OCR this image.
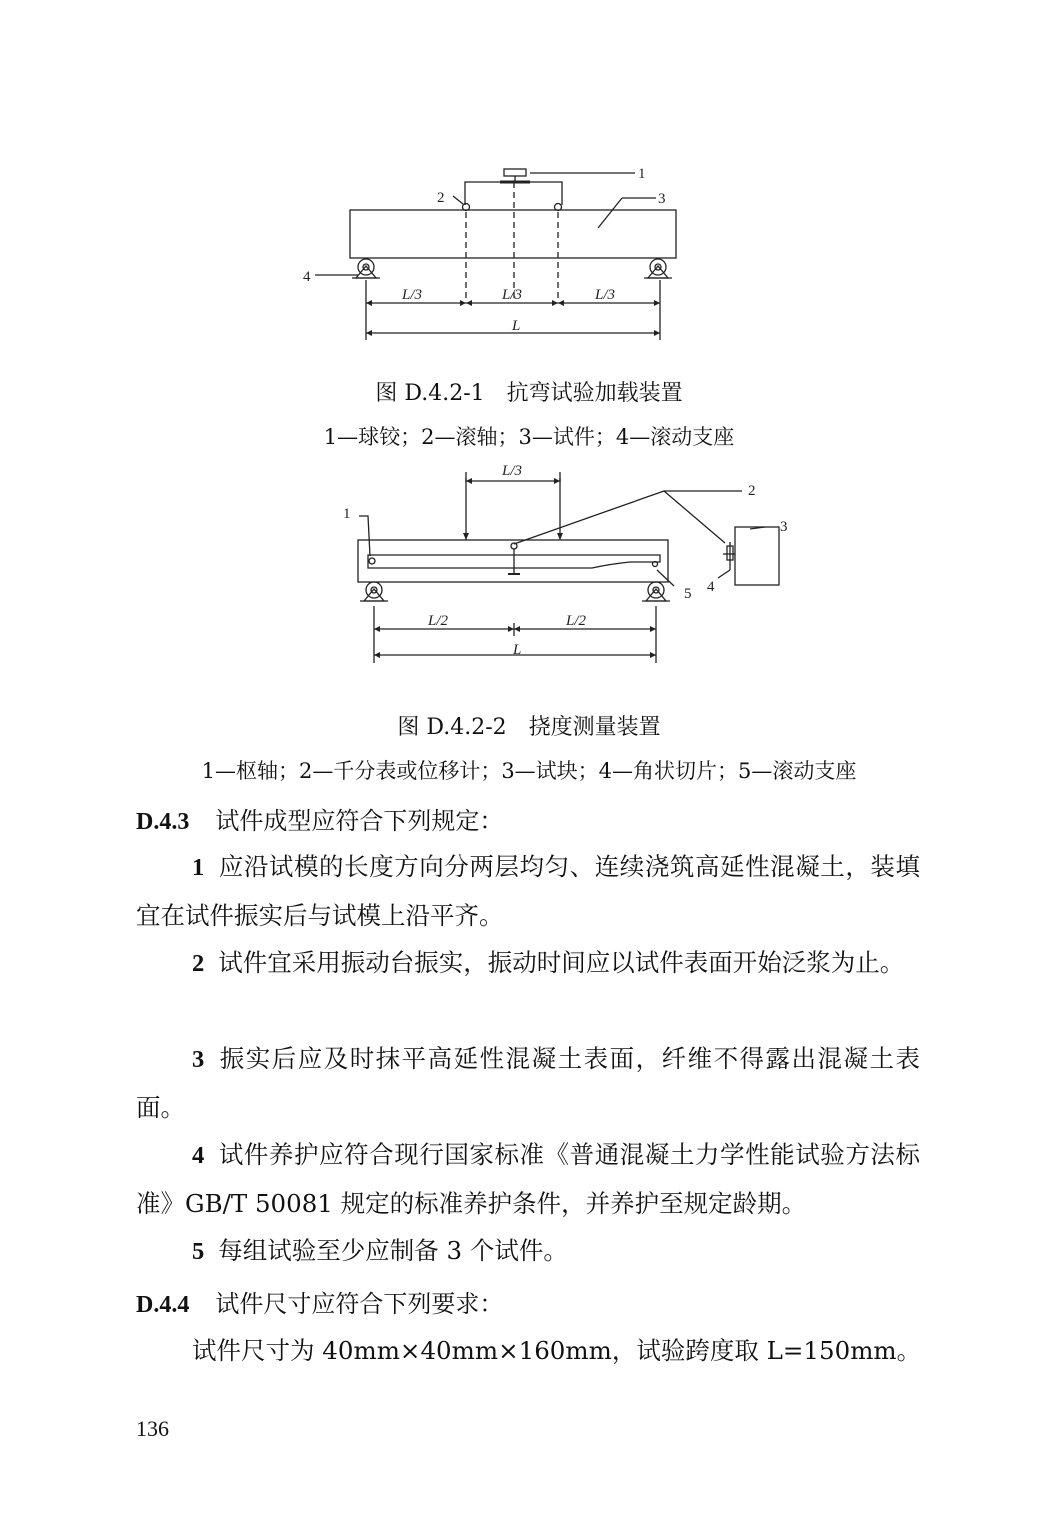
1
2	3
4
L/3	L/3	L/3
L
图 D.4.2-1　抗弯试验加载装置
1—球铰；2—滚轴；3—试件；4—滚动支座
L/3
2
1
3
4
5
L/2	L/2
L
图 D.4.2-2　挠度测量装置
1—枢轴；2—千分表或位移计；3—试块；4—角状切片；5—滚动支座
D.4.3 试件成型应符合下列规定：
1 应沿试模的长度方向分两层均匀、连续浇筑高延性混凝土，装填宜在试件振实后与试模上沿平齐。
2 试件宜采用振动台振实，振动时间应以试件表面开始泛浆为止。
3 振实后应及时抹平高延性混凝土表面，纤维不得露出混凝土表面。
4 试件养护应符合现行国家标准《普通混凝土力学性能试验方法标准》GB/T 50081 规定的标准养护条件，并养护至规定龄期。
5 每组试验至少应制备 3 个试件。
D.4.4 试件尺寸应符合下列要求：
试件尺寸为 40mm×40mm×160mm，试验跨度取 L=150mm。
136
